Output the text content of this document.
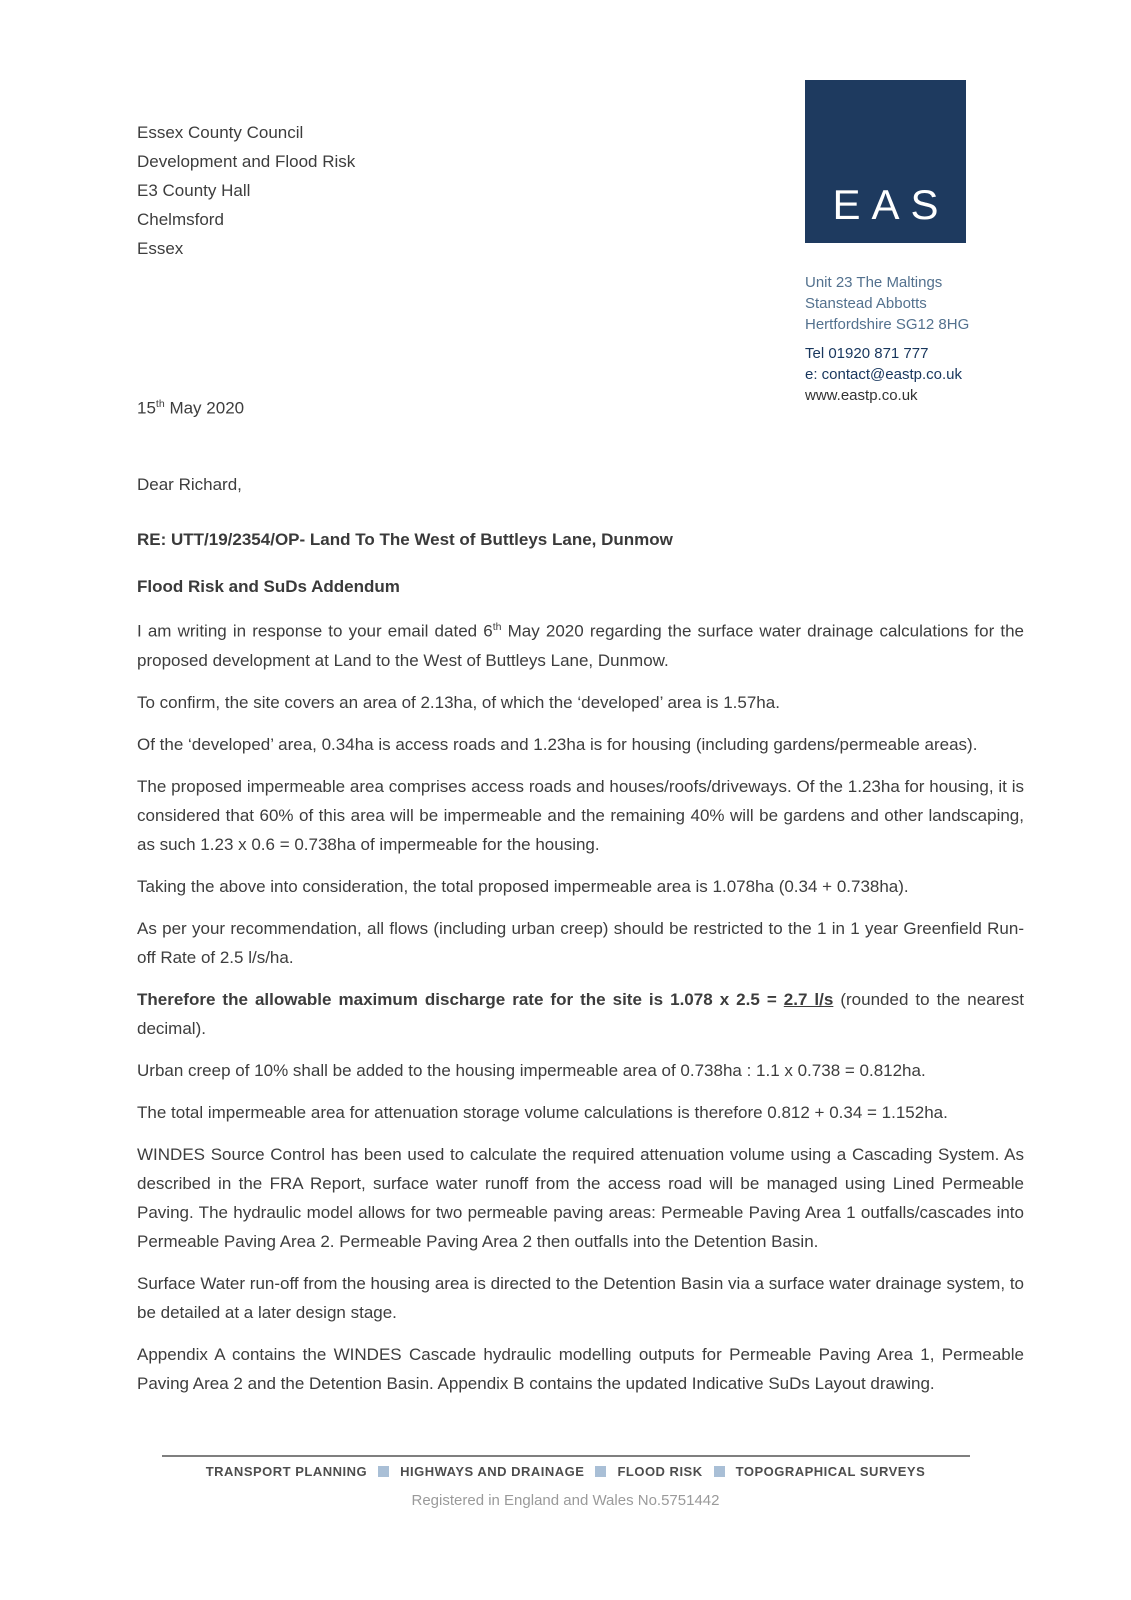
Essex County Council
Development and Flood Risk
E3 County Hall
Chelmsford
Essex
EAS
Unit 23 The Maltings
Stanstead Abbotts
Hertfordshire SG12 8HG
Tel 01920 871 777
e: contact@eastp.co.uk
www.eastp.co.uk
15th May 2020
Dear Richard,
RE: UTT/19/2354/OP- Land To The West of Buttleys Lane, Dunmow
Flood Risk and SuDs Addendum

I am writing in response to your email dated 6th May 2020 regarding the surface water drainage calculations for the proposed development at Land to the West of Buttleys Lane, Dunmow.

To confirm, the site covers an area of 2.13ha, of which the ‘developed’ area is 1.57ha.

Of the ‘developed’ area, 0.34ha is access roads and 1.23ha is for housing (including gardens/permeable areas).

The proposed impermeable area comprises access roads and houses/roofs/driveways. Of the 1.23ha for housing, it is considered that 60% of this area will be impermeable and the remaining 40% will be gardens and other landscaping, as such 1.23 x 0.6 = 0.738ha of impermeable for the housing.

Taking the above into consideration, the total proposed impermeable area is 1.078ha (0.34 + 0.738ha).

As per your recommendation, all flows (including urban creep) should be restricted to the 1 in 1 year Greenfield Run-off Rate of 2.5 l/s/ha.

Therefore the allowable maximum discharge rate for the site is 1.078 x 2.5 = 2.7 l/s (rounded to the nearest decimal).

Urban creep of 10% shall be added to the housing impermeable area of 0.738ha : 1.1 x 0.738 = 0.812ha.

The total impermeable area for attenuation storage volume calculations is therefore 0.812 + 0.34 = 1.152ha.

WINDES Source Control has been used to calculate the required attenuation volume using a Cascading System. As described in the FRA Report, surface water runoff from the access road will be managed using Lined Permeable Paving. The hydraulic model allows for two permeable paving areas: Permeable Paving Area 1 outfalls/cascades into Permeable Paving Area 2. Permeable Paving Area 2 then outfalls into the Detention Basin.

Surface Water run-off from the housing area is directed to the Detention Basin via a surface water drainage system, to be detailed at a later design stage.

Appendix A contains the WINDES Cascade hydraulic modelling outputs for Permeable Paving Area 1, Permeable Paving Area 2 and the Detention Basin. Appendix B contains the updated Indicative SuDs Layout drawing.

TRANSPORT PLANNING	HIGHWAYS AND DRAINAGE	FLOOD RISK	TOPOGRAPHICAL SURVEYS
Registered in England and Wales No.5751442
